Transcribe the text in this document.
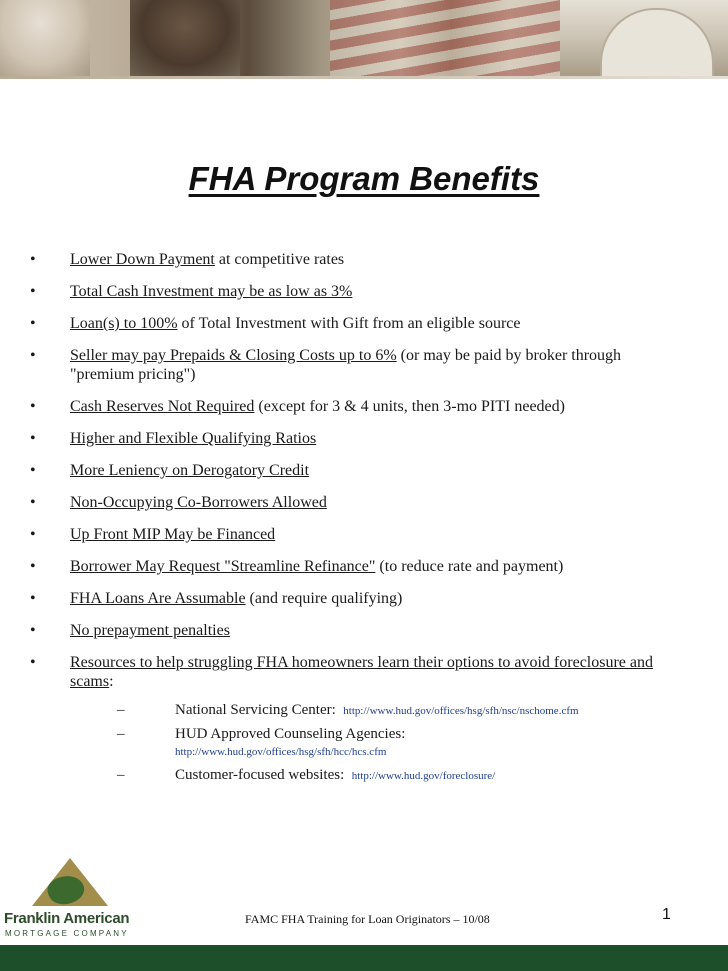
FHA Program Benefits
• Lower Down Payment at competitive rates
• Total Cash Investment may be as low as 3%
• Loan(s) to 100% of Total Investment with Gift from an eligible source
• Seller may pay Prepaids & Closing Costs up to 6% (or may be paid by broker through "premium pricing")
• Cash Reserves Not Required (except for 3 & 4 units, then 3-mo PITI needed)
• Higher and Flexible Qualifying Ratios
• More Leniency on Derogatory Credit
• Non-Occupying Co-Borrowers Allowed
• Up Front MIP May be Financed
• Borrower May Request "Streamline Refinance" (to reduce rate and payment)
• FHA Loans Are Assumable (and require qualifying)
• No prepayment penalties
• Resources to help struggling FHA homeowners learn their options to avoid foreclosure and scams:
–	National Servicing Center: http://www.hud.gov/offices/hsg/sfh/nsc/nschome.cfm
–	HUD Approved Counseling Agencies:
http://www.hud.gov/offices/hsg/sfh/hcc/hcs.cfm
–	Customer-focused websites: http://www.hud.gov/foreclosure/
Franklin American
MORTGAGE COMPANY
FAMC FHA Training for Loan Originators – 10/08	1
